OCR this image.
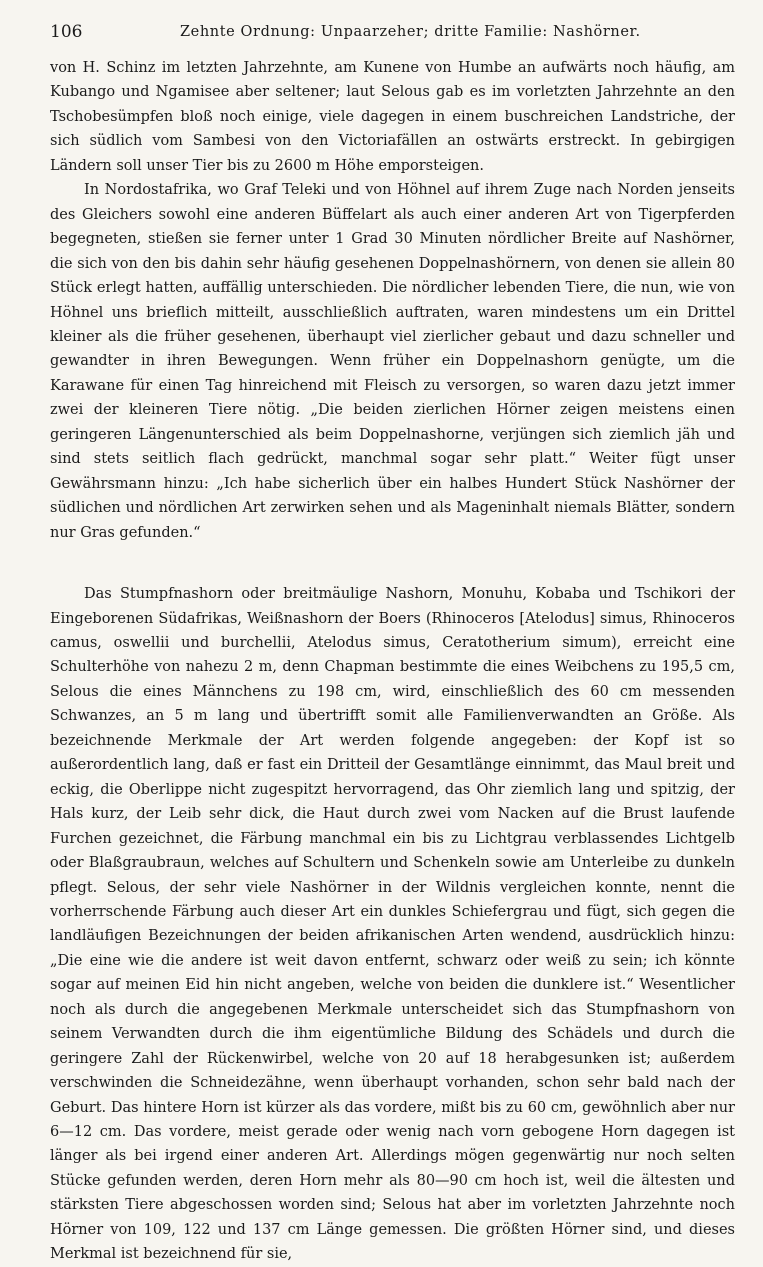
106	Zehnte Ordnung: Unpaarzeher; dritte Familie: Nashörner.

von H. Schinz im letzten Jahrzehnte, am Kunene von Humbe an aufwärts noch häufig, am Kubango und Ngamisee aber seltener; laut Selous gab es im vorletzten Jahrzehnte an den Tschobesümpfen bloß noch einige, viele dagegen in einem buschreichen Landstriche, der sich südlich vom Sambesi von den Victoriafällen an ostwärts erstreckt. In gebirgigen Ländern soll unser Tier bis zu 2600 m Höhe emporsteigen.

In Nordostafrika, wo Graf Teleki und von Höhnel auf ihrem Zuge nach Norden jenseits des Gleichers sowohl eine anderen Büffelart als auch einer anderen Art von Tigerpferden begegneten, stießen sie ferner unter 1 Grad 30 Minuten nördlicher Breite auf Nashörner, die sich von den bis dahin sehr häufig gesehenen Doppelnashörnern, von denen sie allein 80 Stück erlegt hatten, auffällig unterschieden. Die nördlicher lebenden Tiere, die nun, wie von Höhnel uns brieflich mitteilt, ausschließlich auftraten, waren mindestens um ein Drittel kleiner als die früher gesehenen, überhaupt viel zierlicher gebaut und dazu schneller und gewandter in ihren Bewegungen. Wenn früher ein Doppelnashorn genügte, um die Karawane für einen Tag hinreichend mit Fleisch zu versorgen, so waren dazu jetzt immer zwei der kleineren Tiere nötig. „Die beiden zierlichen Hörner zeigen meistens einen geringeren Längenunterschied als beim Doppelnashorne, verjüngen sich ziemlich jäh und sind stets seitlich flach gedrückt, manchmal sogar sehr platt.“ Weiter fügt unser Gewährsmann hinzu: „Ich habe sicherlich über ein halbes Hundert Stück Nashörner der südlichen und nördlichen Art zerwirken sehen und als Mageninhalt niemals Blätter, sondern nur Gras gefunden.“

Das Stumpfnashorn oder breitmäulige Nashorn, Monuhu, Kobaba und Tschikori der Eingeborenen Südafrikas, Weißnashorn der Boers (Rhinoceros [Atelodus] simus, Rhinoceros camus, oswellii und burchellii, Atelodus simus, Ceratotherium simum), erreicht eine Schulterhöhe von nahezu 2 m, denn Chapman bestimmte die eines Weibchens zu 195,5 cm, Selous die eines Männchens zu 198 cm, wird, einschließlich des 60 cm messenden Schwanzes, an 5 m lang und übertrifft somit alle Familienverwandten an Größe. Als bezeichnende Merkmale der Art werden folgende angegeben: der Kopf ist so außerordentlich lang, daß er fast ein Dritteil der Gesamtlänge einnimmt, das Maul breit und eckig, die Oberlippe nicht zugespitzt hervorragend, das Ohr ziemlich lang und spitzig, der Hals kurz, der Leib sehr dick, die Haut durch zwei vom Nacken auf die Brust laufende Furchen gezeichnet, die Färbung manchmal ein bis zu Lichtgrau verblassendes Lichtgelb oder Blaßgraubraun, welches auf Schultern und Schenkeln sowie am Unterleibe zu dunkeln pflegt. Selous, der sehr viele Nashörner in der Wildnis vergleichen konnte, nennt die vorherrschende Färbung auch dieser Art ein dunkles Schiefergrau und fügt, sich gegen die landläufigen Bezeichnungen der beiden afrikanischen Arten wendend, ausdrücklich hinzu: „Die eine wie die andere ist weit davon entfernt, schwarz oder weiß zu sein; ich könnte sogar auf meinen Eid hin nicht angeben, welche von beiden die dunklere ist.“ Wesentlicher noch als durch die angegebenen Merkmale unterscheidet sich das Stumpfnashorn von seinem Verwandten durch die ihm eigentümliche Bildung des Schädels und durch die geringere Zahl der Rückenwirbel, welche von 20 auf 18 herabgesunken ist; außerdem verschwinden die Schneidezähne, wenn überhaupt vorhanden, schon sehr bald nach der Geburt. Das hintere Horn ist kürzer als das vordere, mißt bis zu 60 cm, gewöhnlich aber nur 6—12 cm. Das vordere, meist gerade oder wenig nach vorn gebogene Horn dagegen ist länger als bei irgend einer anderen Art. Allerdings mögen gegenwärtig nur noch selten Stücke gefunden werden, deren Horn mehr als 80—90 cm hoch ist, weil die ältesten und stärksten Tiere abgeschossen worden sind; Selous hat aber im vorletzten Jahrzehnte noch Hörner von 109, 122 und 137 cm Länge gemessen. Die größten Hörner sind, und dieses Merkmal ist bezeichnend für sie,
